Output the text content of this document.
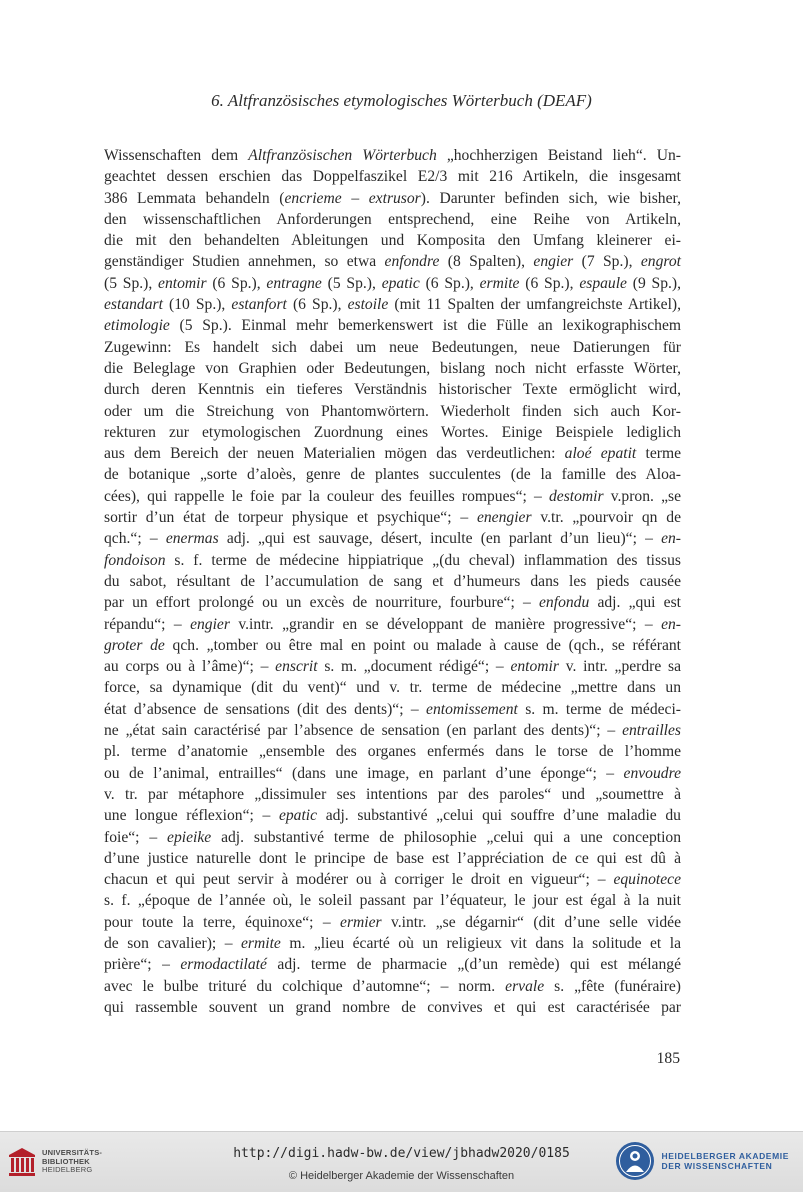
6. Altfranzösisches etymologisches Wörterbuch (DEAF)
Wissenschaften dem Altfranzösischen Wörterbuch „hochherzigen Beistand lieh“. Un-
geachtet dessen erschien das Doppelfaszikel E2/3 mit 216 Artikeln, die insgesamt
386 Lemmata behandeln (encrieme – extrusor). Darunter befinden sich, wie bisher,
den wissenschaftlichen Anforderungen entsprechend, eine Reihe von Artikeln,
die mit den behandelten Ableitungen und Komposita den Umfang kleinerer ei-
genständiger Studien annehmen, so etwa enfondre (8 Spalten), engier (7 Sp.), engrot
(5 Sp.), entomir (6 Sp.), entragne (5 Sp.), epatic (6 Sp.), ermite (6 Sp.), espaule (9 Sp.),
estandart (10 Sp.), estanfort (6 Sp.), estoile (mit 11 Spalten der umfangreichste Artikel),
etimologie (5 Sp.). Einmal mehr bemerkenswert ist die Fülle an lexikographischem
Zugewinn: Es handelt sich dabei um neue Bedeutungen, neue Datierungen für
die Beleglage von Graphien oder Bedeutungen, bislang noch nicht erfasste Wörter,
durch deren Kenntnis ein tieferes Verständnis historischer Texte ermöglicht wird,
oder um die Streichung von Phantomwörtern. Wiederholt finden sich auch Kor-
rekturen zur etymologischen Zuordnung eines Wortes. Einige Beispiele lediglich
aus dem Bereich der neuen Materialien mögen das verdeutlichen: aloé epatit terme
de botanique „sorte d’aloès, genre de plantes succulentes (de la famille des Aloa-
cées), qui rappelle le foie par la couleur des feuilles rompues“; – destomir v.pron. „se
sortir d’un état de torpeur physique et psychique“; – enengier v.tr. „pourvoir qn de
qch.“; – enermas adj. „qui est sauvage, désert, inculte (en parlant d’un lieu)“; – en-
fondoison s. f. terme de médecine hippiatrique „(du cheval) inflammation des tissus
du sabot, résultant de l’accumulation de sang et d’humeurs dans les pieds causée
par un effort prolongé ou un excès de nourriture, fourbure“; – enfondu adj. „qui est
répandu“; – engier v.intr. „grandir en se développant de manière progressive“; – en-
groter de qch. „tomber ou être mal en point ou malade à cause de (qch., se référant
au corps ou à l’âme)“; – enscrit s. m. „document rédigé“; – entomir v. intr. „perdre sa
force, sa dynamique (dit du vent)“ und v. tr. terme de médecine „mettre dans un
état d’absence de sensations (dit des dents)“; – entomissement s. m. terme de médeci-
ne „état sain caractérisé par l’absence de sensation (en parlant des dents)“; – entrailles
pl. terme d’anatomie „ensemble des organes enfermés dans le torse de l’homme
ou de l’animal, entrailles“ (dans une image, en parlant d’une éponge“; – envoudre
v. tr. par métaphore „dissimuler ses intentions par des paroles“ und „soumettre à
une longue réflexion“; – epatic adj. substantivé „celui qui souffre d’une maladie du
foie“; – epieike adj. substantivé terme de philosophie „celui qui a une conception
d’une justice naturelle dont le principe de base est l’appréciation de ce qui est dû à
chacun et qui peut servir à modérer ou à corriger le droit en vigueur“; – equinotece
s. f. „époque de l’année où, le soleil passant par l’équateur, le jour est égal à la nuit
pour toute la terre, équinoxe“; – ermier v.intr. „se dégarnir“ (dit d’une selle vidée
de son cavalier); – ermite m. „lieu écarté où un religieux vit dans la solitude et la
prière“; – ermodactilaté adj. terme de pharmacie „(d’un remède) qui est mélangé
avec le bulbe trituré du colchique d’automne“; – norm. ervale s. „fête (funéraire)
qui rassemble souvent un grand nombre de convives et qui est caractérisée par
185
UNIVERSITÄTS-
BIBLIOTHEK
HEIDELBERG
http://digi.hadw-bw.de/view/jbhadw2020/0185
© Heidelberger Akademie der Wissenschaften
HEIDELBERGER AKADEMIE
DER WISSENSCHAFTEN
